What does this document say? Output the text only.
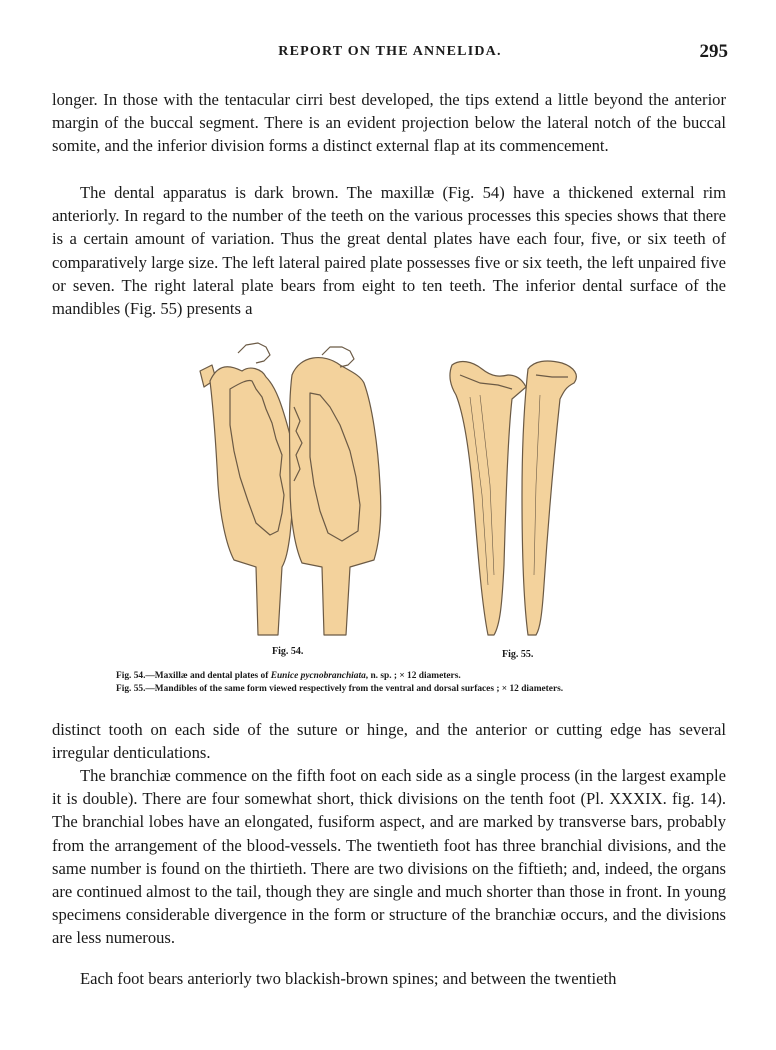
REPORT ON THE ANNELIDA.	295

longer. In those with the tentacular cirri best developed, the tips extend a little beyond the anterior margin of the buccal segment. There is an evident projection below the lateral notch of the buccal somite, and the inferior division forms a distinct external flap at its commencement.

The dental apparatus is dark brown. The maxillæ (Fig. 54) have a thickened external rim anteriorly. In regard to the number of the teeth on the various processes this species shows that there is a certain amount of variation. Thus the great dental plates have each four, five, or six teeth of comparatively large size. The left lateral paired plate possesses five or six teeth, the left unpaired five or seven. The right lateral plate bears from eight to ten teeth. The inferior dental surface of the mandibles (Fig. 55) presents a

Fig. 54.	Fig. 55.

Fig. 54.—Maxillæ and dental plates of Eunice pycnobranchiata, n. sp. ; × 12 diameters.

Fig. 55.—Mandibles of the same form viewed respectively from the ventral and dorsal surfaces ; × 12 diameters.

distinct tooth on each side of the suture or hinge, and the anterior or cutting edge has several irregular denticulations.

The branchiæ commence on the fifth foot on each side as a single process (in the largest example it is double). There are four somewhat short, thick divisions on the tenth foot (Pl. XXXIX. fig. 14). The branchial lobes have an elongated, fusiform aspect, and are marked by transverse bars, probably from the arrangement of the blood-vessels. The twentieth foot has three branchial divisions, and the same number is found on the thirtieth. There are two divisions on the fiftieth; and, indeed, the organs are continued almost to the tail, though they are single and much shorter than those in front. In young specimens considerable divergence in the form or structure of the branchiæ occurs, and the divisions are less numerous.

Each foot bears anteriorly two blackish-brown spines; and between the twentieth
